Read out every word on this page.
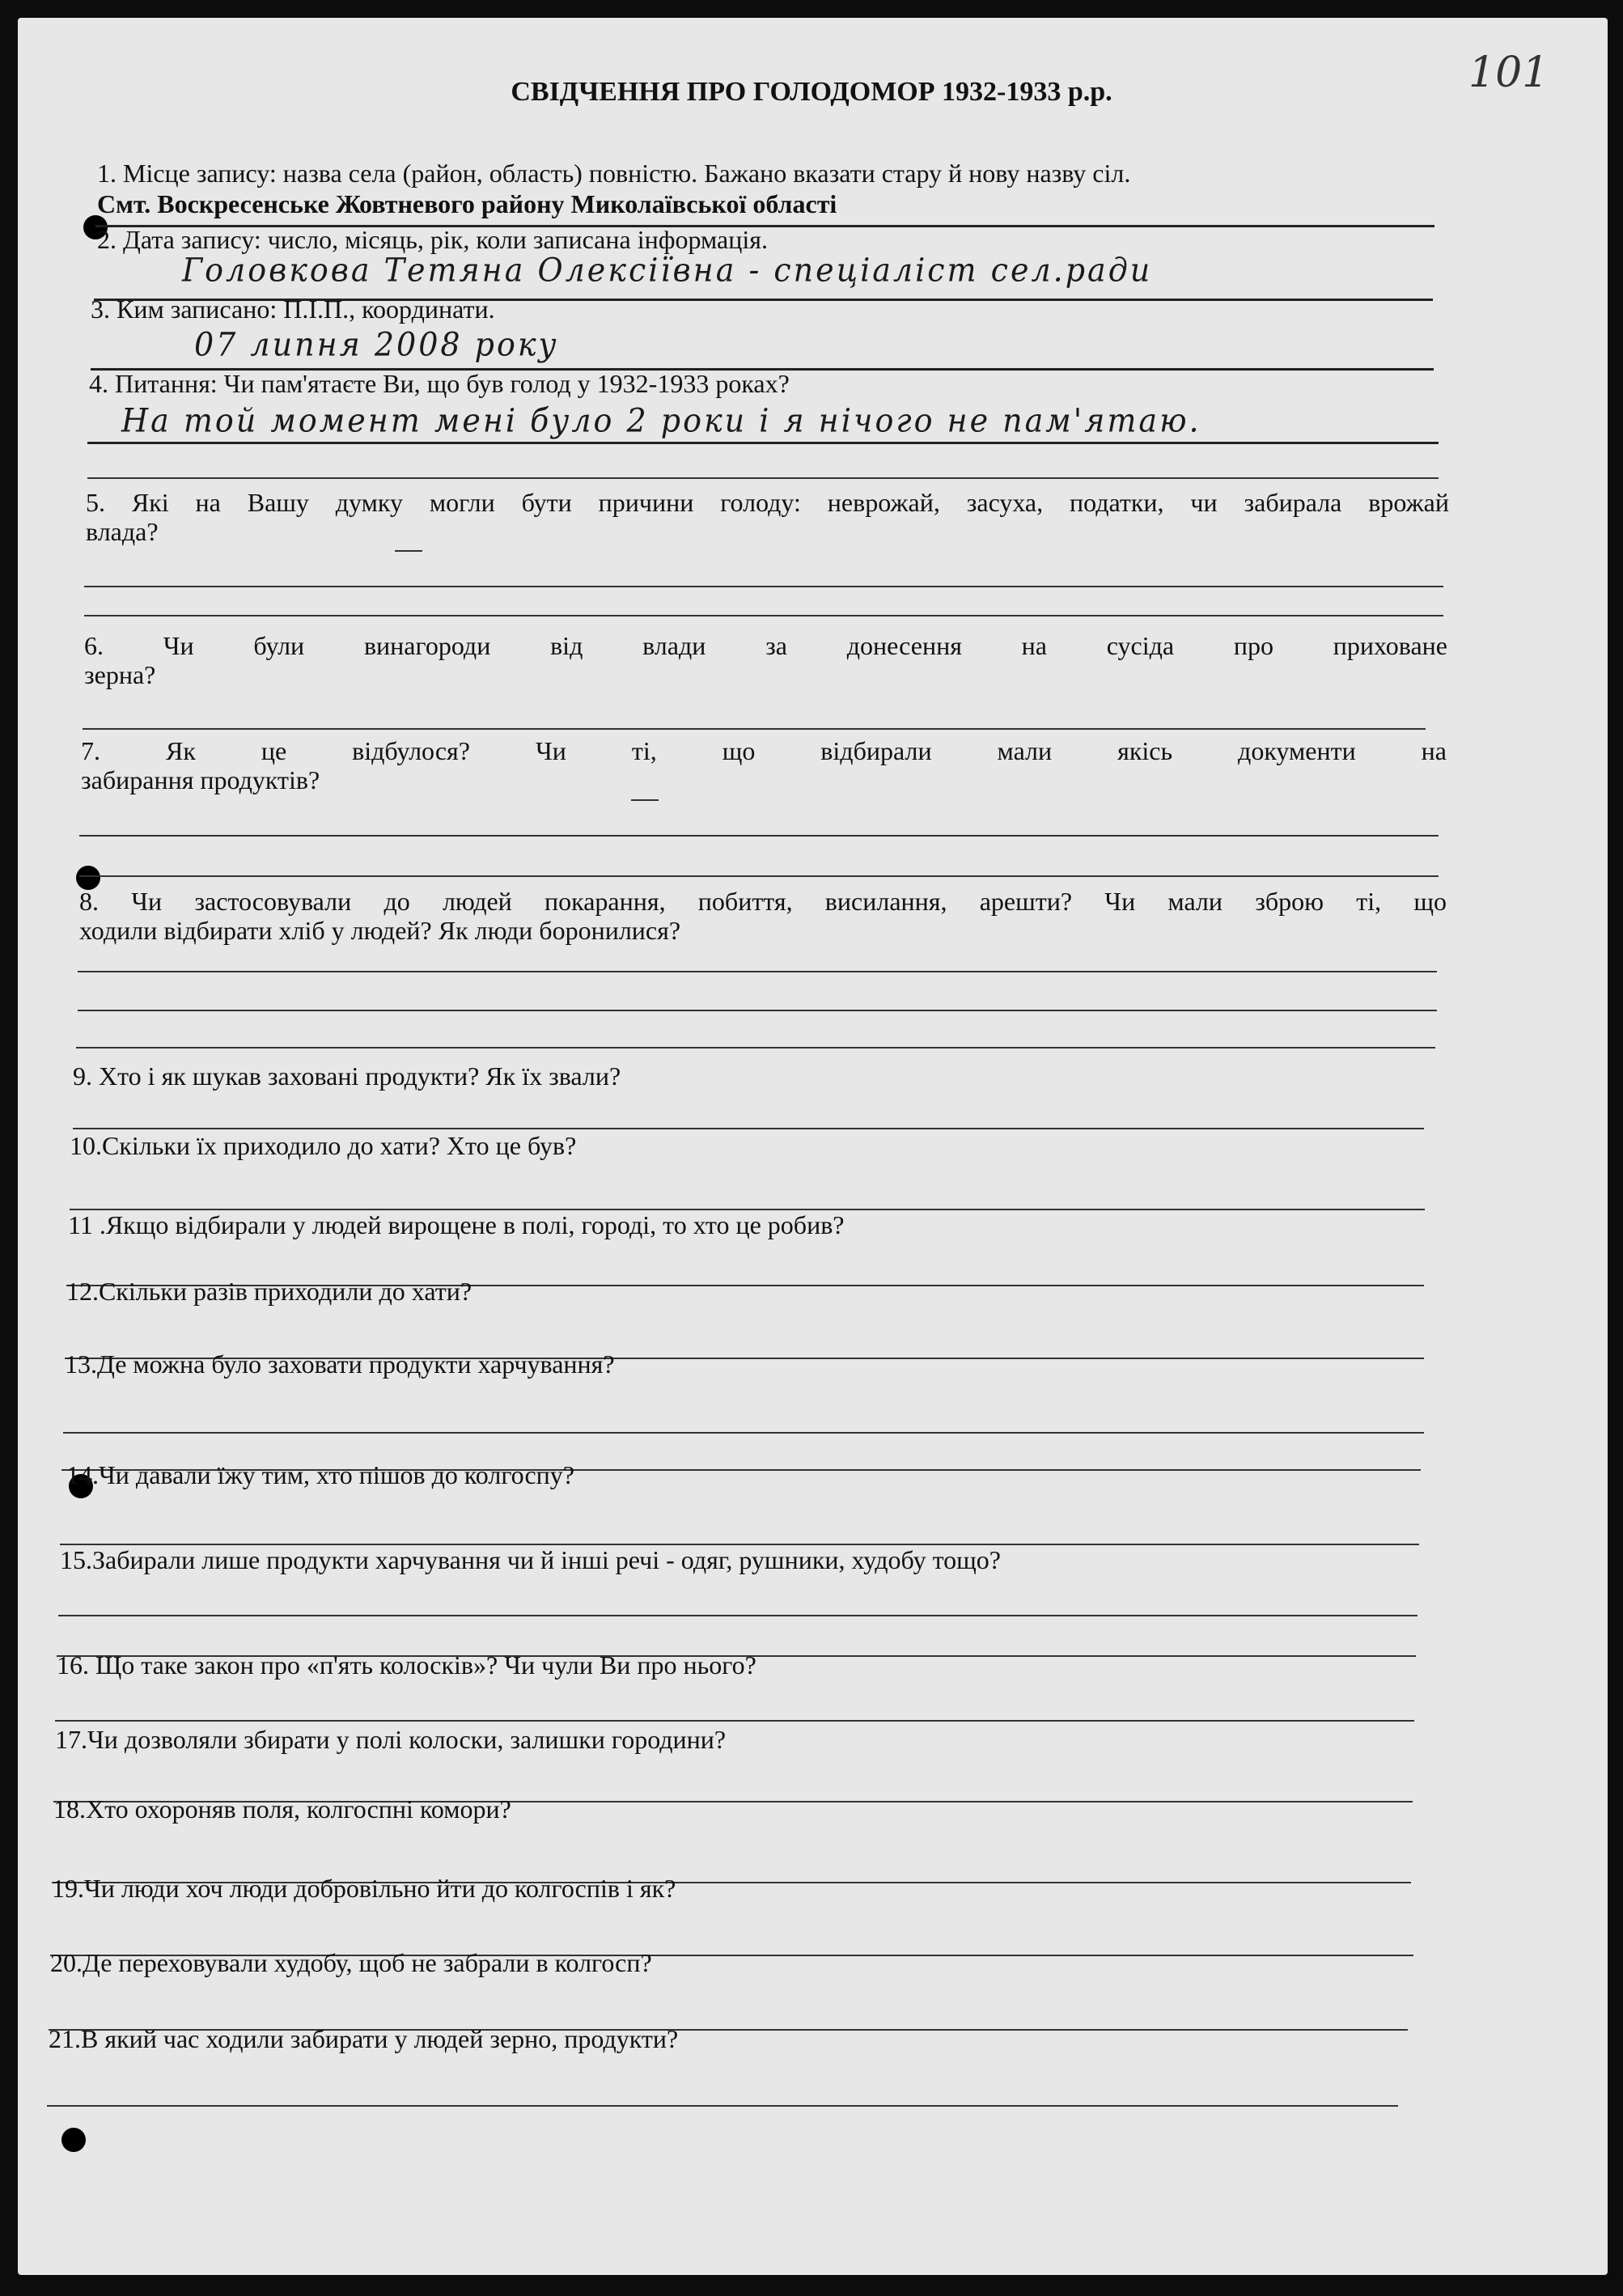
СВІДЧЕННЯ ПРО ГОЛОДОМОР 1932-1933 р.р.	101
1. Місце запису: назва села (район, область) повністю. Бажано вказати стару й нову назву сіл.
Смт. Воскресенське Жовтневого району Миколаївської області
2. Дата запису: число, місяць, рік, коли записана інформація.
Головкова Тетяна Олексіївна - спеціаліст сел.ради
3. Ким записано: П.І.П., координати.
07 липня 2008 року
4. Питання: Чи пам'ятаєте Ви, що був голод у 1932-1933 роках?
На той момент мені було 2 роки і я нічого не пам'ятаю.
5. Які на Вашу думку могли бути причини голоду: неврожай, засуха, податки, чи забирала врожай
влада?
6. Чи були винагороди від влади за донесення на сусіда про приховане
зерна?
7. Як це відбулося? Чи ті, що відбирали мали якісь документи на
забирання продуктів?
8. Чи застосовували до людей покарання, побиття, висилання, арешти? Чи мали зброю ті, що
ходили відбирати хліб у людей? Як люди боронилися?
9. Хто і як шукав заховані продукти? Як їх звали?
10.Скільки їх приходило до хати? Хто це був?
11 .Якщо відбирали у людей вирощене в полі, городі, то хто це робив?
12.Скільки разів приходили до хати?
13.Де можна було заховати продукти харчування?
14.Чи давали їжу тим, хто пішов до колгоспу?
15.Забирали лише продукти харчування чи й інші речі - одяг, рушники, худобу тощо?
16. Що таке закон про «п'ять колосків»? Чи чули Ви про нього?
17.Чи дозволяли збирати у полі колоски, залишки городини?
18.Хто охороняв поля, колгоспні комори?
19.Чи люди хоч люди добровільно йти до колгоспів і як?
20.Де переховували худобу, щоб не забрали в колгосп?
21.В який час ходили забирати у людей зерно, продукти?
